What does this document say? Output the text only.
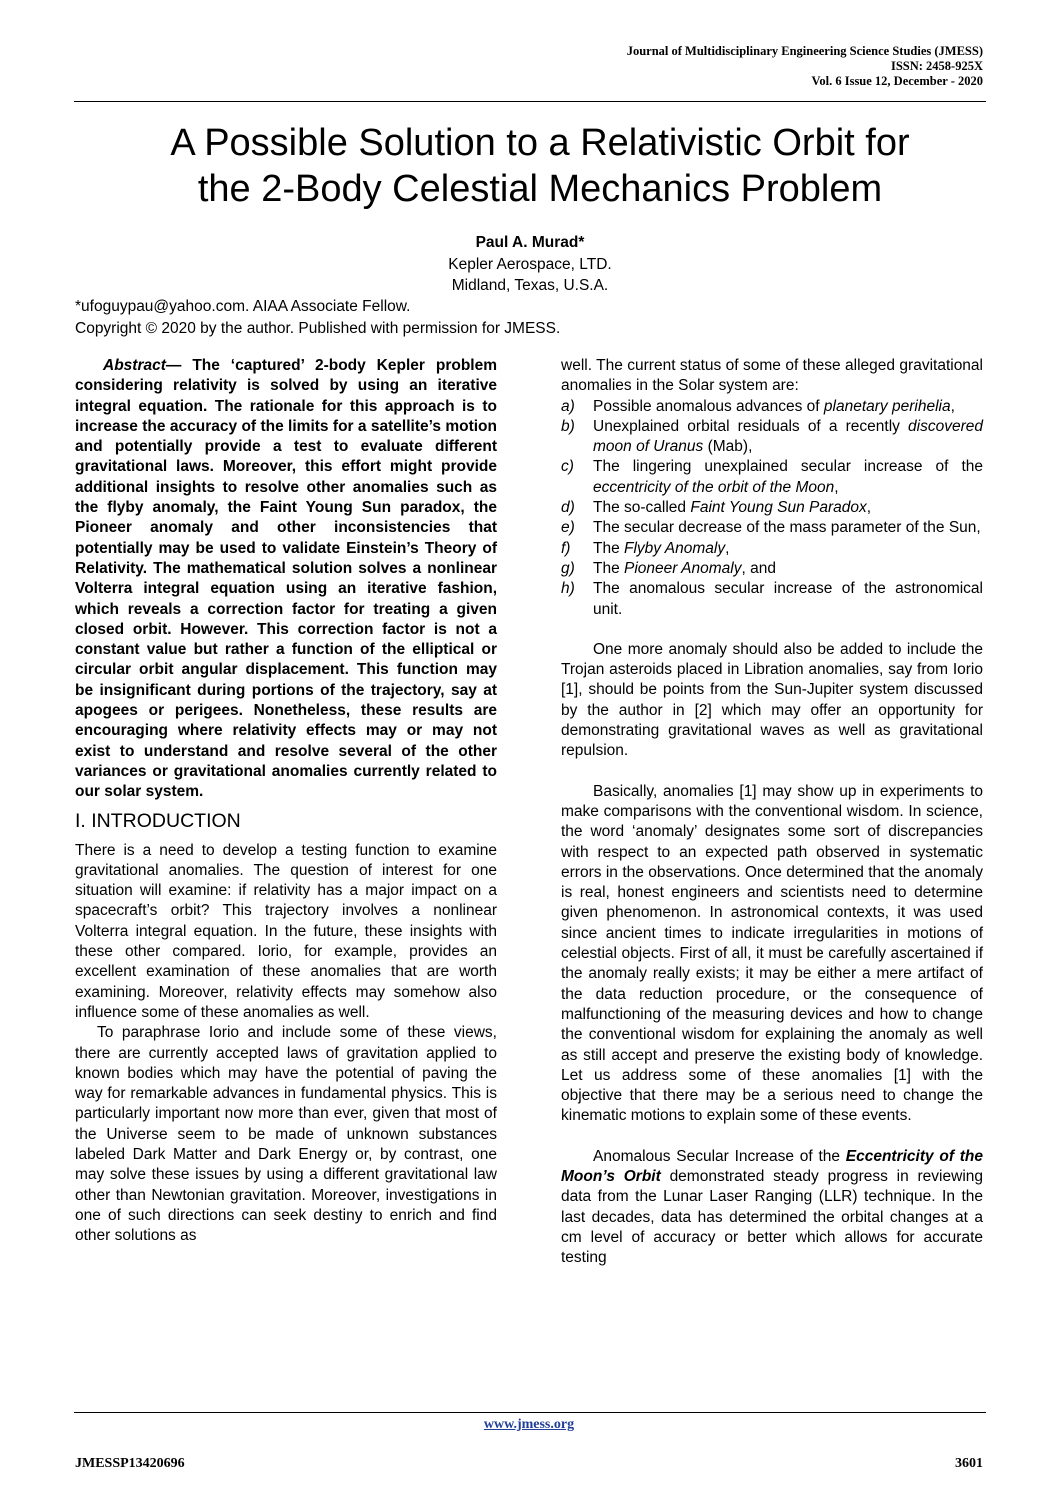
Journal of Multidisciplinary Engineering Science Studies (JMESS)
ISSN: 2458-925X
Vol. 6 Issue 12, December - 2020
A Possible Solution to a Relativistic Orbit for
the 2-Body Celestial Mechanics Problem
Paul A. Murad*
Kepler Aerospace, LTD.
Midland, Texas, U.S.A.
*ufoguypau@yahoo.com. AIAA Associate Fellow.
Copyright © 2020 by the author. Published with permission for JMESS.

Abstract— The ‘captured’ 2-body Kepler problem considering relativity is solved by using an iterative integral equation. The rationale for this approach is to increase the accuracy of the limits for a satellite’s motion and potentially provide a test to evaluate different gravitational laws. Moreover, this effort might provide additional insights to resolve other anomalies such as the flyby anomaly, the Faint Young Sun paradox, the Pioneer anomaly and other inconsistencies that potentially may be used to validate Einstein’s Theory of Relativity. The mathematical solution solves a nonlinear Volterra integral equation using an iterative fashion, which reveals a correction factor for treating a given closed orbit. However. This correction factor is not a constant value but rather a function of the elliptical or circular orbit angular displacement. This function may be insignificant during portions of the trajectory, say at apogees or perigees. Nonetheless, these results are encouraging where relativity effects may or may not exist to understand and resolve several of the other variances or gravitational anomalies currently related to our solar system.

I. INTRODUCTION

There is a need to develop a testing function to examine gravitational anomalies. The question of interest for one situation will examine: if relativity has a major impact on a spacecraft’s orbit? This trajectory involves a nonlinear Volterra integral equation. In the future, these insights with these other compared. Iorio, for example, provides an excellent examination of these anomalies that are worth examining. Moreover, relativity effects may somehow also influence some of these anomalies as well.

To paraphrase Iorio and include some of these views, there are currently accepted laws of gravitation applied to known bodies which may have the potential of paving the way for remarkable advances in fundamental physics. This is particularly important now more than ever, given that most of the Universe seem to be made of unknown substances labeled Dark Matter and Dark Energy or, by contrast, one may solve these issues by using a different gravitational law other than Newtonian gravitation. Moreover, investigations in one of such directions can seek destiny to enrich and find other solutions as

well. The current status of some of these alleged gravitational anomalies in the Solar system are:

a) Possible anomalous advances of planetary perihelia,
b) Unexplained orbital residuals of a recently discovered moon of Uranus (Mab),
c) The lingering unexplained secular increase of the eccentricity of the orbit of the Moon,
d) The so-called Faint Young Sun Paradox,
e) The secular decrease of the mass parameter of the Sun,
f) The Flyby Anomaly,
g) The Pioneer Anomaly, and
h) The anomalous secular increase of the astronomical unit.

One more anomaly should also be added to include the Trojan asteroids placed in Libration anomalies, say from Iorio [1], should be points from the Sun-Jupiter system discussed by the author in [2] which may offer an opportunity for demonstrating gravitational waves as well as gravitational repulsion.

Basically, anomalies [1] may show up in experiments to make comparisons with the conventional wisdom. In science, the word ‘anomaly’ designates some sort of discrepancies with respect to an expected path observed in systematic errors in the observations. Once determined that the anomaly is real, honest engineers and scientists need to determine given phenomenon. In astronomical contexts, it was used since ancient times to indicate irregularities in motions of celestial objects. First of all, it must be carefully ascertained if the anomaly really exists; it may be either a mere artifact of the data reduction procedure, or the consequence of malfunctioning of the measuring devices and how to change the conventional wisdom for explaining the anomaly as well as still accept and preserve the existing body of knowledge. Let us address some of these anomalies [1] with the objective that there may be a serious need to change the kinematic motions to explain some of these events.

Anomalous Secular Increase of the Eccentricity of the Moon’s Orbit demonstrated steady progress in reviewing data from the Lunar Laser Ranging (LLR) technique. In the last decades, data has determined the orbital changes at a cm level of accuracy or better which allows for accurate testing

www.jmess.org
JMESSP13420696	3601
